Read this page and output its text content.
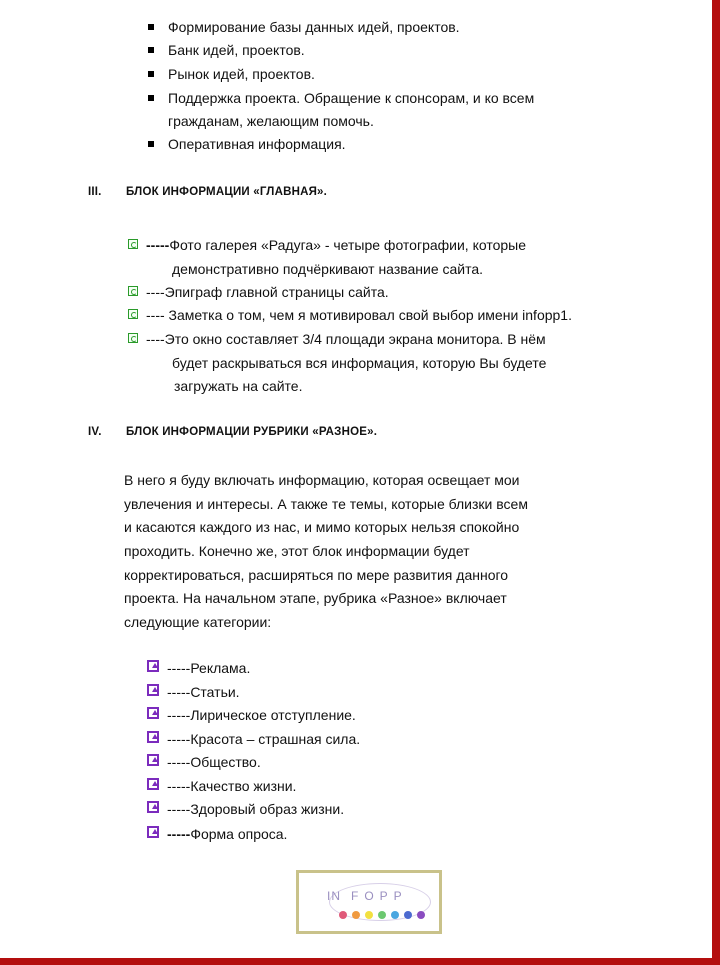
Формирование базы данных идей, проектов.
Банк идей, проектов.
Рынок идей, проектов.
Поддержка проекта. Обращение к спонсорам, и ко всем
гражданам, желающим помочь.
Оперативная информация.
III. БЛОК ИНФОРМАЦИИ «ГЛАВНАЯ».
-----Фото галерея «Радуга» - четыре фотографии, которые
демонстративно подчёркивают название сайта.
----Эпиграф главной страницы сайта.
---- Заметка о том, чем я мотивировал свой выбор имени infopp1.
----Это окно составляет 3/4 площади экрана монитора. В нём
будет раскрываться вся информация, которую Вы будете
загружать на сайте.
IV. БЛОК ИНФОРМАЦИИ РУБРИКИ «РАЗНОЕ».
В него я буду включать информацию, которая освещает мои
увлечения и интересы. А также те темы, которые близки всем
и касаются каждого из нас, и мимо которых нельзя спокойно
проходить. Конечно же, этот блок информации будет
корректироваться, расширяться по мере развития данного
проекта. На начальном этапе, рубрика «Разное» включает
следующие категории:
-----Реклама.
-----Статьи.
-----Лирическое отступление.
-----Красота – страшная сила.
-----Общество.
-----Качество жизни.
-----Здоровый образ жизни.
-----Форма опроса.
IN FOPP
